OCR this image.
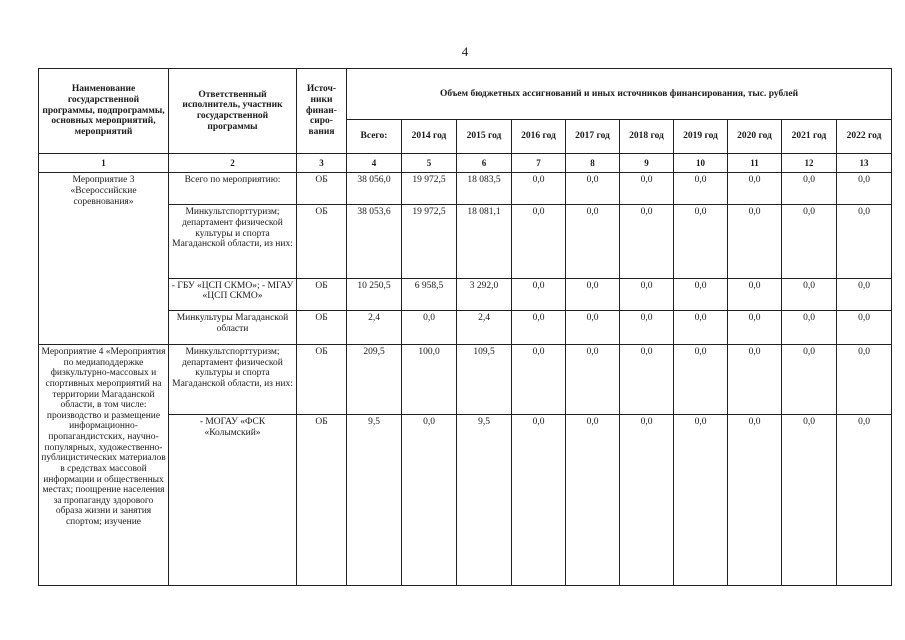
4
Наименование государственной программы, подпрограммы, основных мероприятий, мероприятий	Ответственный исполнитель, участник государственной программы	Источ-ники финан-сиро-вания	Объем бюджетных ассигнований и иных источников финансирования, тыс. рублей									
			Всего:	2014 год	2015 год	2016 год	2017 год	2018 год	2019 год	2020 год	2021 год	2022 год
1	2	3	4	5	6	7	8	9	10	11	12	13
Мероприятие 3 «Всероссийские соревнования»	Всего по мероприятию:	ОБ	38 056,0	19 972,5	18 083,5	0,0	0,0	0,0	0,0	0,0	0,0	0,0
	Минкультспорттуризм; департамент физической культуры и спорта Магаданской области, из них:	ОБ	38 053,6	19 972,5	18 081,1	0,0	0,0	0,0	0,0	0,0	0,0	0,0
	- ГБУ «ЦСП СКМО»; - МГАУ «ЦСП СКМО»	ОБ	10 250,5	6 958,5	3 292,0	0,0	0,0	0,0	0,0	0,0	0,0	0,0
	Минкультуры Магаданской области	ОБ	2,4	0,0	2,4	0,0	0,0	0,0	0,0	0,0	0,0	0,0
Мероприятие 4 «Мероприятия по медиаподдержке физкультурно-массовых и спортивных мероприятий на территории Магаданской области, в том числе: производство и размещение информационно-пропагандистских, научно-популярных, художественно-публицистических материалов в средствах массовой информации и общественных местах; поощрение населения за пропаганду здорового образа жизни и занятия спортом; изучение	Минкультспорттуризм; департамент физической культуры и спорта Магаданской области, из них:	ОБ	209,5	100,0	109,5	0,0	0,0	0,0	0,0	0,0	0,0	0,0
	- МОГАУ «ФСК «Колымский»	ОБ	9,5	0,0	9,5	0,0	0,0	0,0	0,0	0,0	0,0	0,0
